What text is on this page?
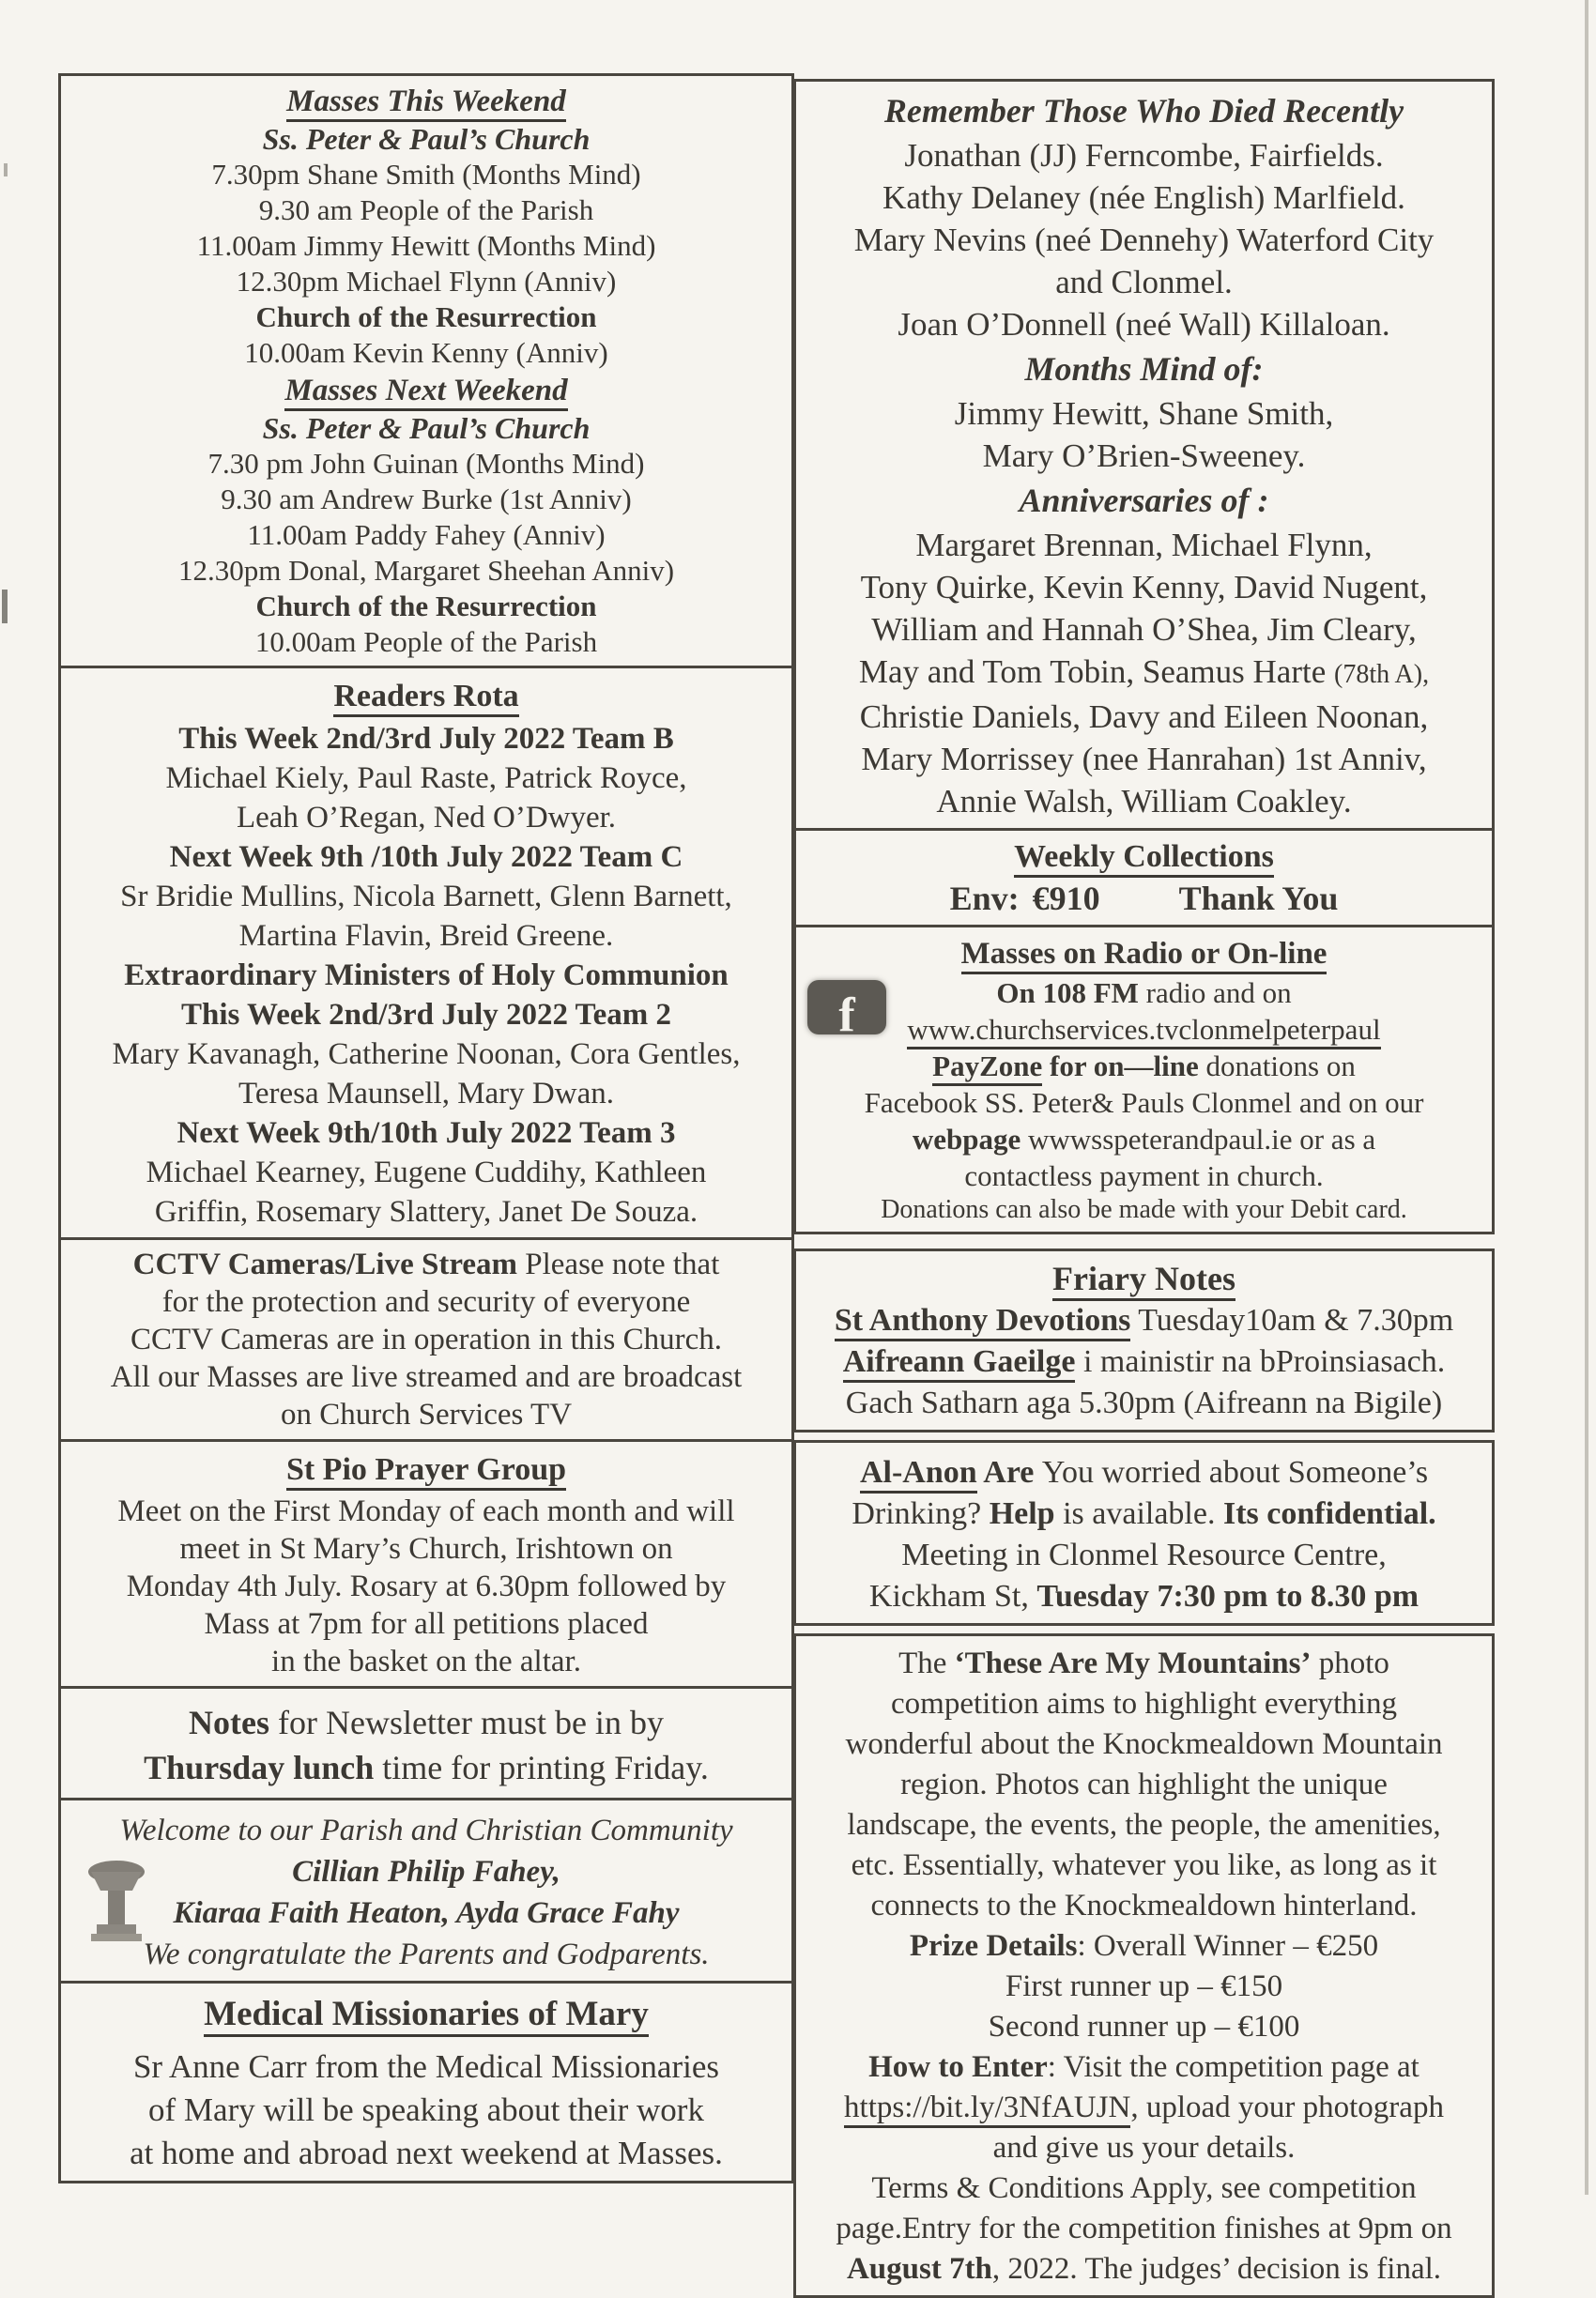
Masses This Weekend
Ss. Peter & Paul’s Church
7.30pm Shane Smith (Months Mind)
9.30 am People of the Parish
11.00am Jimmy Hewitt (Months Mind)
12.30pm Michael Flynn (Anniv)
Church of the Resurrection
10.00am Kevin Kenny (Anniv)
Masses Next Weekend
Ss. Peter & Paul’s Church
7.30 pm John Guinan (Months Mind)
9.30 am Andrew Burke (1st Anniv)
11.00am Paddy Fahey (Anniv)
12.30pm Donal, Margaret Sheehan Anniv)
Church of the Resurrection
10.00am People of the Parish
Readers Rota
This Week 2nd/3rd July 2022 Team B
Michael Kiely, Paul Raste, Patrick Royce,
Leah O’Regan, Ned O’Dwyer.
Next Week 9th /10th July 2022 Team C
Sr Bridie Mullins, Nicola Barnett, Glenn Barnett,
Martina Flavin, Breid Greene.
Extraordinary Ministers of Holy Communion
This Week 2nd/3rd July 2022 Team 2
Mary Kavanagh, Catherine Noonan, Cora Gentles,
Teresa Maunsell, Mary Dwan.
Next Week 9th/10th July 2022 Team 3
Michael Kearney, Eugene Cuddihy, Kathleen
Griffin, Rosemary Slattery, Janet De Souza.
CCTV Cameras/Live Stream Please note that
for the protection and security of everyone
CCTV Cameras are in operation in this Church.
All our Masses are live streamed and are broadcast
on Church Services TV
St Pio Prayer Group
Meet on the First Monday of each month and will
meet in St Mary’s Church, Irishtown on
Monday 4th July. Rosary at 6.30pm followed by
Mass at 7pm for all petitions placed
in the basket on the altar.
Notes for Newsletter must be in by
Thursday lunch time for printing Friday.
Welcome to our Parish and Christian Community
Cillian Philip Fahey,
Kiaraa Faith Heaton, Ayda Grace Fahy
We congratulate the Parents and Godparents.
Medical Missionaries of Mary
Sr Anne Carr from the Medical Missionaries
of Mary will be speaking about their work
at home and abroad next weekend at Masses.
Remember Those Who Died Recently
Jonathan (JJ) Ferncombe, Fairfields.
Kathy Delaney (née English) Marlfield.
Mary Nevins (neé Dennehy) Waterford City
and Clonmel.
Joan O’Donnell (neé Wall) Killaloan.
Months Mind of:
Jimmy Hewitt, Shane Smith,
Mary O’Brien-Sweeney.
Anniversaries of :
Margaret Brennan, Michael Flynn,
Tony Quirke, Kevin Kenny, David Nugent,
William and Hannah O’Shea, Jim Cleary,
May and Tom Tobin, Seamus Harte (78th A),
Christie Daniels, Davy and Eileen Noonan,
Mary Morrissey (nee Hanrahan) 1st Anniv,
Annie Walsh, William Coakley.
Weekly Collections
Env: €910 Thank You
f
Masses on Radio or On-line
On 108 FM radio and on
www.churchservices.tvclonmelpeterpaul
PayZone for on—line donations on
Facebook SS. Peter& Pauls Clonmel and on our
webpage wwwsspeterandpaul.ie or as a
contactless payment in church.
Donations can also be made with your Debit card.
Friary Notes
St Anthony Devotions Tuesday10am & 7.30pm
Aifreann Gaeilge i mainistir na bProinsiasach.
Gach Satharn aga 5.30pm (Aifreann na Bigile)
Al-Anon Are You worried about Someone’s
Drinking? Help is available. Its confidential.
Meeting in Clonmel Resource Centre,
Kickham St, Tuesday 7:30 pm to 8.30 pm
The ‘These Are My Mountains’ photo
competition aims to highlight everything
wonderful about the Knockmealdown Mountain
region. Photos can highlight the unique
landscape, the events, the people, the amenities,
etc. Essentially, whatever you like, as long as it
connects to the Knockmealdown hinterland.
Prize Details: Overall Winner – €250
First runner up – €150
Second runner up – €100
How to Enter: Visit the competition page at
https://bit.ly/3NfAUJN, upload your photograph
and give us your details.
Terms & Conditions Apply, see competition
page.Entry for the competition finishes at 9pm on
August 7th, 2022. The judges’ decision is final.
